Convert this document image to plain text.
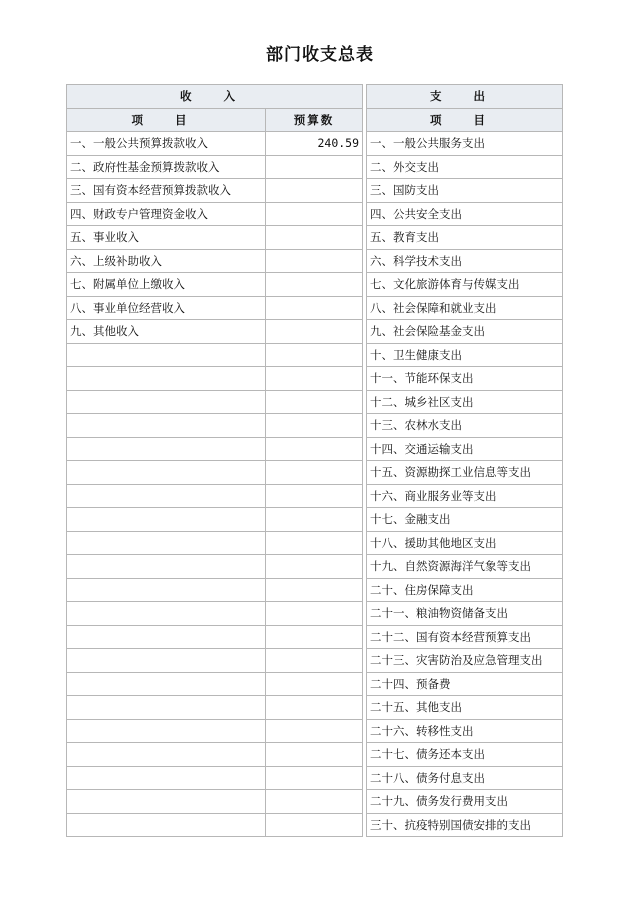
部门收支总表
收 入			支 出
项 目	预算数		项 目
一、一般公共预算拨款收入	240.59		一、一般公共服务支出
二、政府性基金预算拨款收入			二、外交支出
三、国有资本经营预算拨款收入			三、国防支出
四、财政专户管理资金收入			四、公共安全支出
五、事业收入			五、教育支出
六、上级补助收入			六、科学技术支出
七、附属单位上缴收入			七、文化旅游体育与传媒支出
八、事业单位经营收入			八、社会保障和就业支出
九、其他收入			九、社会保险基金支出
			十、卫生健康支出
			十一、节能环保支出
			十二、城乡社区支出
			十三、农林水支出
			十四、交通运输支出
			十五、资源勘探工业信息等支出
			十六、商业服务业等支出
			十七、金融支出
			十八、援助其他地区支出
			十九、自然资源海洋气象等支出
			二十、住房保障支出
			二十一、粮油物资储备支出
			二十二、国有资本经营预算支出
			二十三、灾害防治及应急管理支出
			二十四、预备费
			二十五、其他支出
			二十六、转移性支出
			二十七、债务还本支出
			二十八、债务付息支出
			二十九、债务发行费用支出
			三十、抗疫特别国债安排的支出
